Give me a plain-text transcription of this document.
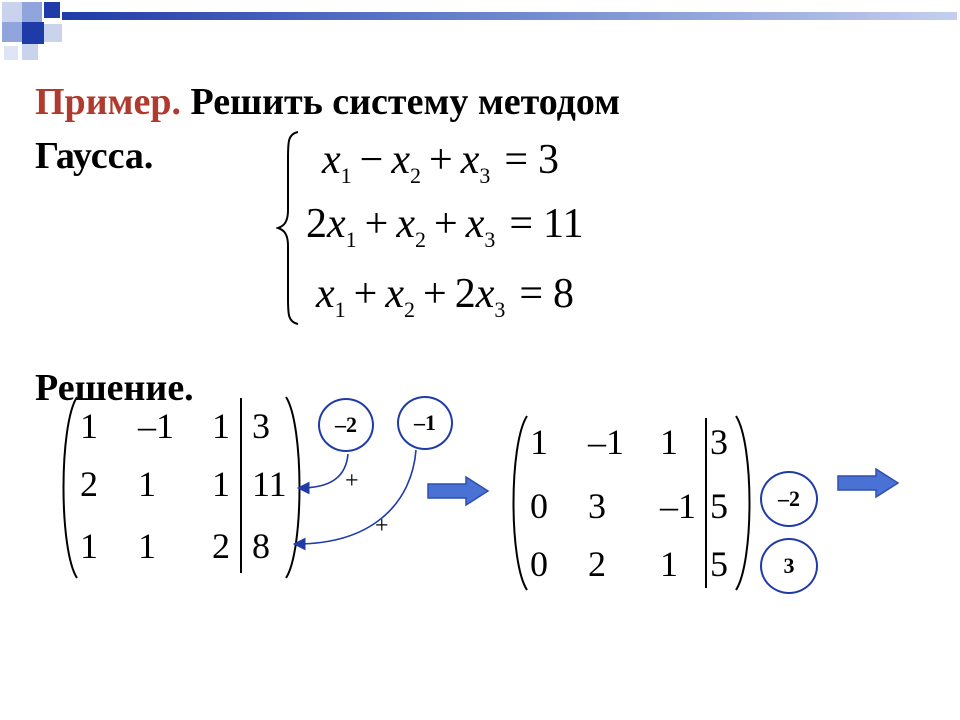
Пример. Решить систему методом
Гаусса.	$x_1 - x_2 + x_3 = 3$
$2x_1 + x_2 + x_3 = 11$
$x_1 + x_2 + 2x_3 = 8$
Решение.
1 –1 1 3
2 1 1 11
1 1 2 8
–2	–1
+
+
1 –1 1 3
0 3 –1 5
0 2 1 5
–2
3
